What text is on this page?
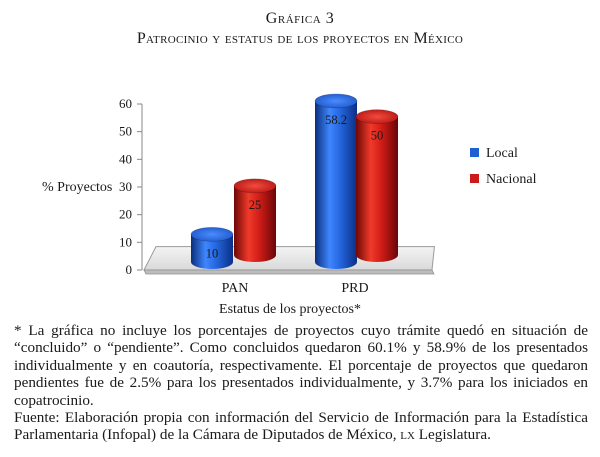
Gráfica 3
Patrocinio y estatus de los proyectos en México
0
10
20
30
40
50
60
% Proyectos
PAN	PRD
Estatus de los proyectos*
10
25
58.2
50
Local
Nacional

* La gráfica no incluye los porcentajes de proyectos cuyo trámite quedó en situación de “concluido” o “pendiente”. Como concluidos quedaron 60.1% y 58.9% de los presentados individualmente y en coautoría, respectivamente. El porcentaje de proyectos que quedaron pendientes fue de 2.5% para los presentados individualmente, y 3.7% para los iniciados en copatrocinio.

Fuente: Elaboración propia con información del Servicio de Información para la Estadística Parlamentaria (Infopal) de la Cámara de Diputados de México, lx Legislatura.
